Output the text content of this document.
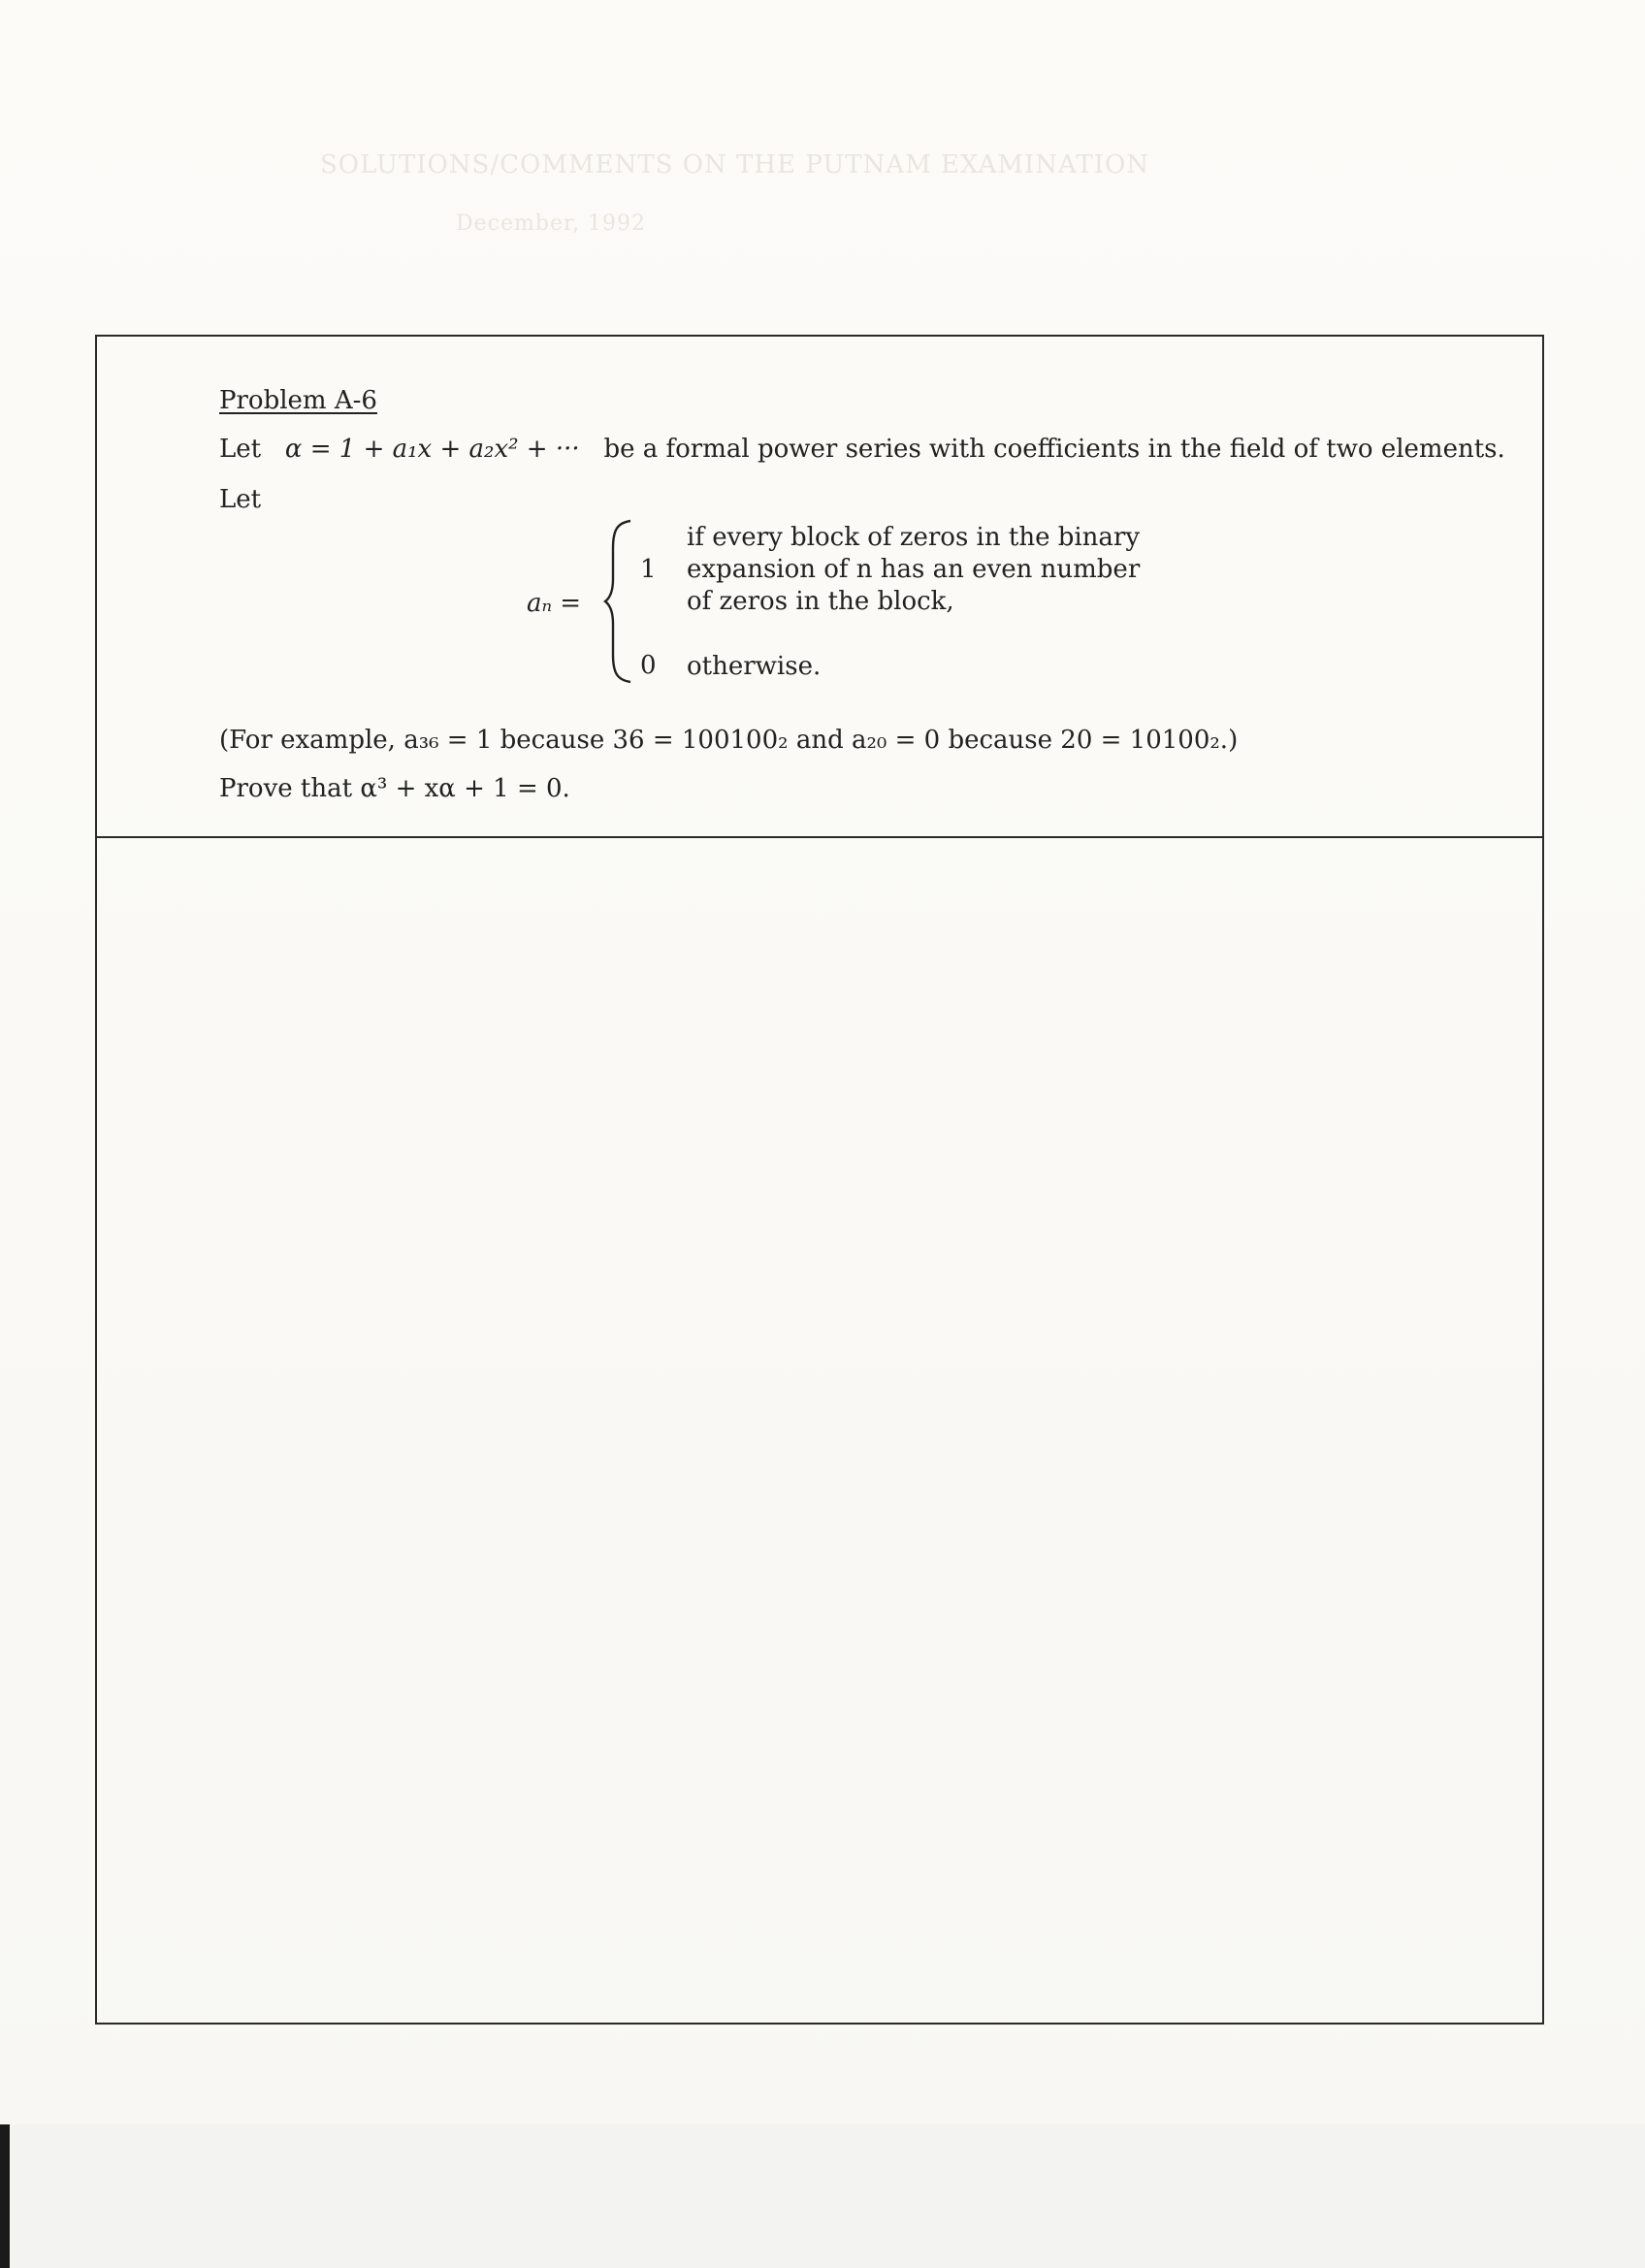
SOLUTIONS/COMMENTS ON THE PUTNAM EXAMINATION
December, 1992
Problem A-6
Let α = 1 + a₁x + a₂x² + ··· be a formal power series with coefficients in the field of two elements.
Let
aₙ =
1
if every block of zeros in the binary
expansion of n has an even number
of zeros in the block,
0 otherwise.
(For example, a₃₆ = 1 because 36 = 100100₂ and a₂₀ = 0 because 20 = 10100₂.)
Prove that α³ + xα + 1 = 0.
